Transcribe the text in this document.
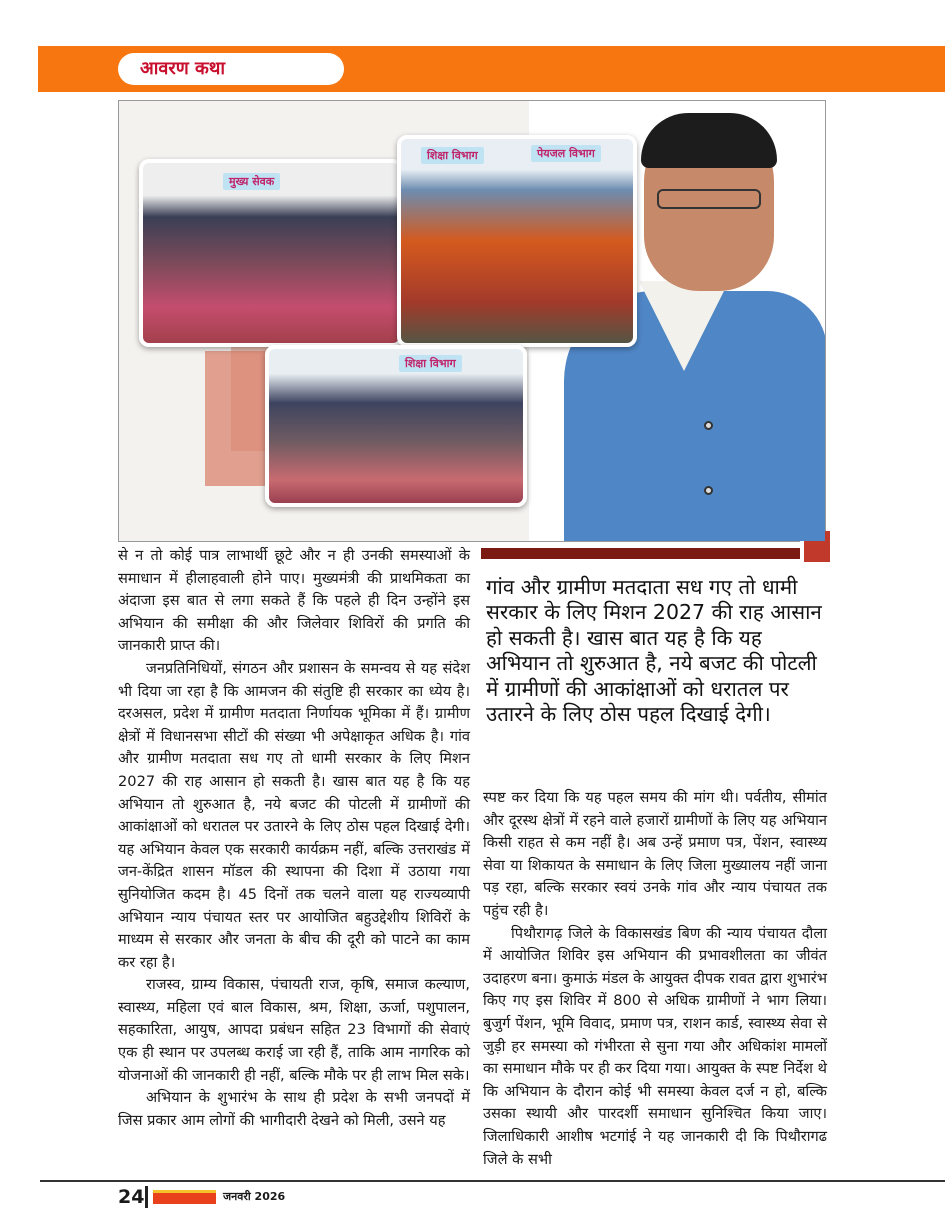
आवरण कथा
मुख्य सेवक
शिक्षा विभाग	पेयजल विभाग
शिक्षा विभाग

से न तो कोई पात्र लाभार्थी छूटे और न ही उनकी समस्याओं के समाधान में हीलाहवाली होने पाए। मुख्यमंत्री की प्राथमिकता का अंदाजा इस बात से लगा सकते हैं कि पहले ही दिन उन्होंने इस अभियान की समीक्षा की और जिलेवार शिविरों की प्रगति की जानकारी प्राप्त की।

जनप्रतिनिधियों, संगठन और प्रशासन के समन्वय से यह संदेश भी दिया जा रहा है कि आमजन की संतुष्टि ही सरकार का ध्येय है। दरअसल, प्रदेश में ग्रामीण मतदाता निर्णायक भूमिका में हैं। ग्रामीण क्षेत्रों में विधानसभा सीटों की संख्या भी अपेक्षाकृत अधिक है। गांव और ग्रामीण मतदाता सध गए तो धामी सरकार के लिए मिशन 2027 की राह आसान हो सकती है। खास बात यह है कि यह अभियान तो शुरुआत है, नये बजट की पोटली में ग्रामीणों की आकांक्षाओं को धरातल पर उतारने के लिए ठोस पहल दिखाई देगी। यह अभियान केवल एक सरकारी कार्यक्रम नहीं, बल्कि उत्तराखंड में जन-केंद्रित शासन मॉडल की स्थापना की दिशा में उठाया गया सुनियोजित कदम है। 45 दिनों तक चलने वाला यह राज्यव्यापी अभियान न्याय पंचायत स्तर पर आयोजित बहुउद्देशीय शिविरों के माध्यम से सरकार और जनता के बीच की दूरी को पाटने का काम कर रहा है।

राजस्व, ग्राम्य विकास, पंचायती राज, कृषि, समाज कल्याण, स्वास्थ्य, महिला एवं बाल विकास, श्रम, शिक्षा, ऊर्जा, पशुपालन, सहकारिता, आयुष, आपदा प्रबंधन सहित 23 विभागों की सेवाएं एक ही स्थान पर उपलब्ध कराई जा रही हैं, ताकि आम नागरिक को योजनाओं की जानकारी ही नहीं, बल्कि मौके पर ही लाभ मिल सके।

अभियान के शुभारंभ के साथ ही प्रदेश के सभी जनपदों में जिस प्रकार आम लोगों की भागीदारी देखने को मिली, उसने यह

गांव और ग्रामीण मतदाता सध गए तो धामी सरकार के लिए मिशन 2027 की राह आसान हो सकती है। खास बात यह है कि यह अभियान तो शुरुआत है, नये बजट की पोटली में ग्रामीणों की आकांक्षाओं को धरातल पर उतारने के लिए ठोस पहल दिखाई देगी।

स्पष्ट कर दिया कि यह पहल समय की मांग थी। पर्वतीय, सीमांत और दूरस्थ क्षेत्रों में रहने वाले हजारों ग्रामीणों के लिए यह अभियान किसी राहत से कम नहीं है। अब उन्हें प्रमाण पत्र, पेंशन, स्वास्थ्य सेवा या शिकायत के समाधान के लिए जिला मुख्यालय नहीं जाना पड़ रहा, बल्कि सरकार स्वयं उनके गांव और न्याय पंचायत तक पहुंच रही है।

पिथौरागढ़ जिले के विकासखंड बिण की न्याय पंचायत दौला में आयोजित शिविर इस अभियान की प्रभावशीलता का जीवंत उदाहरण बना। कुमाऊं मंडल के आयुक्त दीपक रावत द्वारा शुभारंभ किए गए इस शिविर में 800 से अधिक ग्रामीणों ने भाग लिया। बुजुर्ग पेंशन, भूमि विवाद, प्रमाण पत्र, राशन कार्ड, स्वास्थ्य सेवा से जुड़ी हर समस्या को गंभीरता से सुना गया और अधिकांश मामलों का समाधान मौके पर ही कर दिया गया। आयुक्त के स्पष्ट निर्देश थे कि अभियान के दौरान कोई भी समस्या केवल दर्ज न हो, बल्कि उसका स्थायी और पारदर्शी समाधान सुनिश्चित किया जाए। जिलाधिकारी आशीष भटगांई ने यह जानकारी दी कि पिथौरागढ जिले के सभी

24	जनवरी 2026
